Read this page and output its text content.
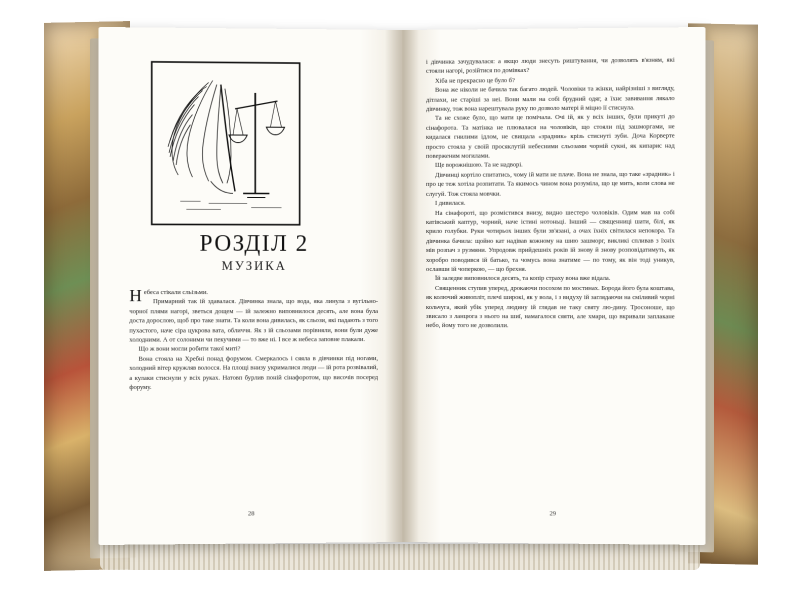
РОЗДІЛ 2
МУЗИКА

Н ебеса стікали сльізьми.

Примарний так ій здавалася. Дівчинка знала, що вода, яка линула з вугільно-чорної плями нагорі, зветься дощем — ій залежно виповнилося десять, але вона була доста дорослою, щоб про таке знати. Та коли вона дивилась, як сльози, які падають з того пухастого, наче сіра цукрова вата, обличчя. Як з ій сльозами порівняли, вони були дуже холодними. А от солоними чи пекучими — то вже ні. І все ж небеса заповне плакали.

Що ж вони могли робити такої миті?

Вона стояла на Хребні понад форумом. Смеркалось і сяяла в дівчинки під ногами, холодний вітер кружляв волосся. На площі внизу укрималися люди — ій рота розвівалий, а кулаки стиснули у всіх руках. Натовп бурлив поній сінафоротом, що височів посеред форуму.

28

і дівчинка зачудувалася: а якщо люди знесуть риштування, чи дозволять в'язням, які стояли нагорі, розійтися по домівках?

Хіба не прекрасно це було б?

Вона же ніколи не бачила так багато людей. Чоловіки та жінки, найрізніші з вигляду, дітлахи, не старіші за неі. Вони мали на собі брудний одяг, а їхнє завивання лякало дівчинку, тож вона нарештувала руку по дозволо матері й міцно її стиснула.

Та не схоже було, що мати це помічала. Очі ій, як у всіх інших, були прикуті до сінафорота. Та матінка не плювалася на чоловіків, що стояли під зашморгами, не кидалася гнилими ідлом, не свищала «зрадник» крізь стиснуті зуби. Доча Корверте просто стояла у своїй просяклутій небесними сльозами чорній сукні, як кипарис над поверженим могилами.

Ще ворожнішою. Та не надворі.

Дівчинці кортіло спитатись, чому ій мати не плаче. Вона не знала, що таке «зрадник» і про це теж хотіла розпитати. Та якимось чином вона розуміла, що це мить, коли слова не слугуй. Тож стояла мовчки.

І дивилася.

На сінафороті, що розмістився внизу, видно шестеро чоловіків. Одим мав на собі катівський каптур, чорний, наче істині нотоньці. Інший — священниці шати, білі, як крило голубки. Руки чотирьох інших були зв'язані, а очах їхніх світилася непокора. Та дівчинка бачила: щойно кат надівав кожному на шию зашморг, викликі спливав з їхніх мів розпач з рузмяни. Упродовж прийдешніх років ій знову й знову розповідатимуть, як хоробро поводився ій батько, та чомусь вона знатиме — по тому, як він тоді уникув, ославши ій чоперкою, — що брехня.

Їй заледве виповнилося десять, та копір страху вона вже відала.

Священник ступив уперед, дрокаючи посохом по мостинах. Борода його була коштава, як колючий живопліт, плечі широкі, як у вола, і з видуху ій заглядаючи на сміливий чорні кольчуга, який убік уперед людину ій глядав не таку святу лю-дину. Тросоноше, що звисало з ланцюга з нього на шиї, намагалося сяяти, але хмари, що вкривали заплакане небо, йому того не дозволили.

29
